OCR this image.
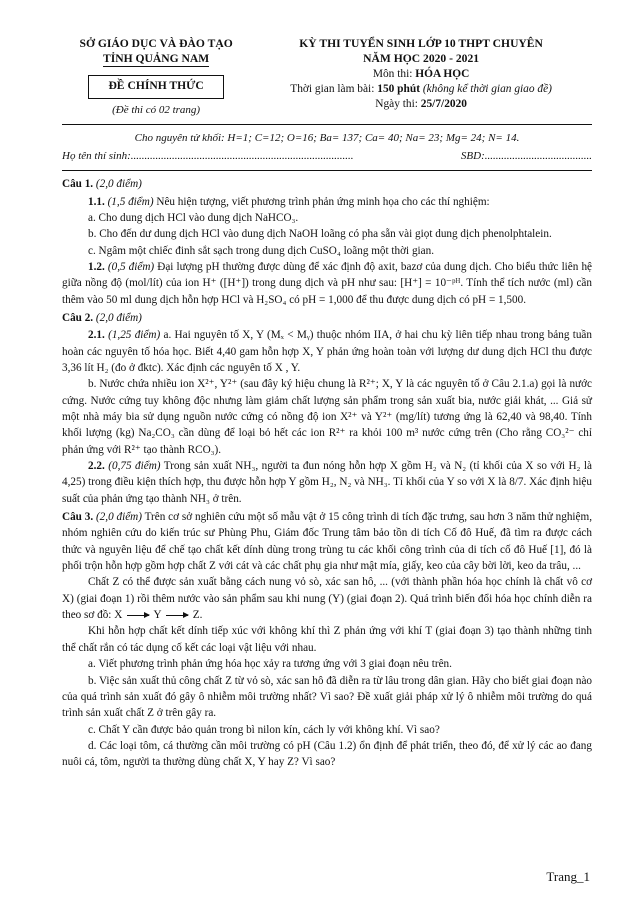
SỞ GIÁO DỤC VÀ ĐÀO TẠO
TỈNH QUẢNG NAM
ĐỀ CHÍNH THỨC
(Đề thi có 02 trang)
KỲ THI TUYỂN SINH LỚP 10 THPT CHUYÊN
NĂM HỌC 2020 - 2021
Môn thi: HÓA HỌC
Thời gian làm bài: 150 phút (không kể thời gian giao đề)
Ngày thi: 25/7/2020
Cho nguyên tử khối: H=1; C=12; O=16; Ba= 137; Ca= 40; Na= 23; Mg= 24; N= 14.
Họ tên thí sinh:.................................................................................	SBD:.......................................
Câu 1. (2,0 điểm)

1.1. (1,5 điểm) Nêu hiện tượng, viết phương trình phản ứng minh họa cho các thí nghiệm:

a. Cho dung dịch HCl vào dung dịch NaHCO₃.

b. Cho đến dư dung dịch HCl vào dung dịch NaOH loãng có pha sẵn vài giọt dung dịch phenolphtalein.

c. Ngâm một chiếc đinh sắt sạch trong dung dịch CuSO₄ loãng một thời gian.

1.2. (0,5 điểm) Đại lượng pH thường được dùng để xác định độ axit, bazơ của dung dịch. Cho biểu thức liên hệ giữa nồng độ (mol/lít) của ion H⁺ ([H⁺]) trong dung dịch và pH như sau: [H⁺] = 10⁻ᵖᴴ. Tính thể tích nước (ml) cần thêm vào 50 ml dung dịch hỗn hợp HCl và H₂SO₄ có pH = 1,000 để thu được dung dịch có pH = 1,500.

Câu 2. (2,0 điểm)

2.1. (1,25 điểm) a. Hai nguyên tố X, Y (Mₓ < Mᵧ) thuộc nhóm IIA, ở hai chu kỳ liên tiếp nhau trong bảng tuần hoàn các nguyên tố hóa học. Biết 4,40 gam hỗn hợp X, Y phản ứng hoàn toàn với lượng dư dung dịch HCl thu được 3,36 lít H₂ (đo ở đktc). Xác định các nguyên tố X , Y.

b. Nước chứa nhiều ion X²⁺, Y²⁺ (sau đây ký hiệu chung là R²⁺; X, Y là các nguyên tố ở Câu 2.1.a) gọi là nước cứng. Nước cứng tuy không độc nhưng làm giảm chất lượng sản phẩm trong sản xuất bia, nước giải khát, ... Giả sử một nhà máy bia sử dụng nguồn nước cứng có nồng độ ion X²⁺ và Y²⁺ (mg/lít) tương ứng là 62,40 và 98,40. Tính khối lượng (kg) Na₂CO₃ cần dùng để loại bỏ hết các ion R²⁺ ra khỏi 100 m³ nước cứng trên (Cho rằng CO₃²⁻ chỉ phản ứng với R²⁺ tạo thành RCO₃).

2.2. (0,75 điểm) Trong sản xuất NH₃, người ta đun nóng hỗn hợp X gồm H₂ và N₂ (tỉ khối của X so với H₂ là 4,25) trong điều kiện thích hợp, thu được hỗn hợp Y gồm H₂, N₂ và NH₃. Tỉ khối của Y so với X là 8/7. Xác định hiệu suất của phản ứng tạo thành NH₃ ở trên.

Câu 3. (2,0 điểm) Trên cơ sở nghiên cứu một số mẫu vật ở 15 công trình di tích đặc trưng, sau hơn 3 năm thử nghiệm, nhóm nghiên cứu do kiến trúc sư Phùng Phu, Giám đốc Trung tâm bảo tồn di tích Cố đô Huế, đã tìm ra được cách thức và nguyên liệu để chế tạo chất kết dính dùng trong trùng tu các khối công trình của di tích cố đô Huế [1], đó là phối trộn hỗn hợp gồm hợp chất Z với cát và các chất phụ gia như mật mía, giấy, keo của cây bời lời, keo da trâu, ...

Chất Z có thể được sản xuất bằng cách nung vỏ sò, xác san hô, ... (với thành phần hóa học chính là chất vô cơ X) (giai đoạn 1) rồi thêm nước vào sản phẩm sau khi nung (Y) (giai đoạn 2). Quá trình biến đổi hóa học chính diễn ra theo sơ đồ: X	Y	Z.

Khi hỗn hợp chất kết dính tiếp xúc với không khí thì Z phản ứng với khí T (giai đoạn 3) tạo thành những tinh thể chất rắn có tác dụng cố kết các loại vật liệu với nhau.

a. Viết phương trình phản ứng hóa học xảy ra tương ứng với 3 giai đoạn nêu trên.

b. Việc sản xuất thủ công chất Z từ vỏ sò, xác san hô đã diễn ra từ lâu trong dân gian. Hãy cho biết giai đoạn nào của quá trình sản xuất đó gây ô nhiễm môi trường nhất? Vì sao? Đề xuất giải pháp xử lý ô nhiễm môi trường do quá trình sản xuất chất Z ở trên gây ra.

c. Chất Y cần được bảo quản trong bì nilon kín, cách ly với không khí. Vì sao?

d. Các loại tôm, cá thường cần môi trường có pH (Câu 1.2) ổn định để phát triển, theo đó, để xử lý các ao đang nuôi cá, tôm, người ta thường dùng chất X, Y hay Z? Vì sao?

Trang_1
